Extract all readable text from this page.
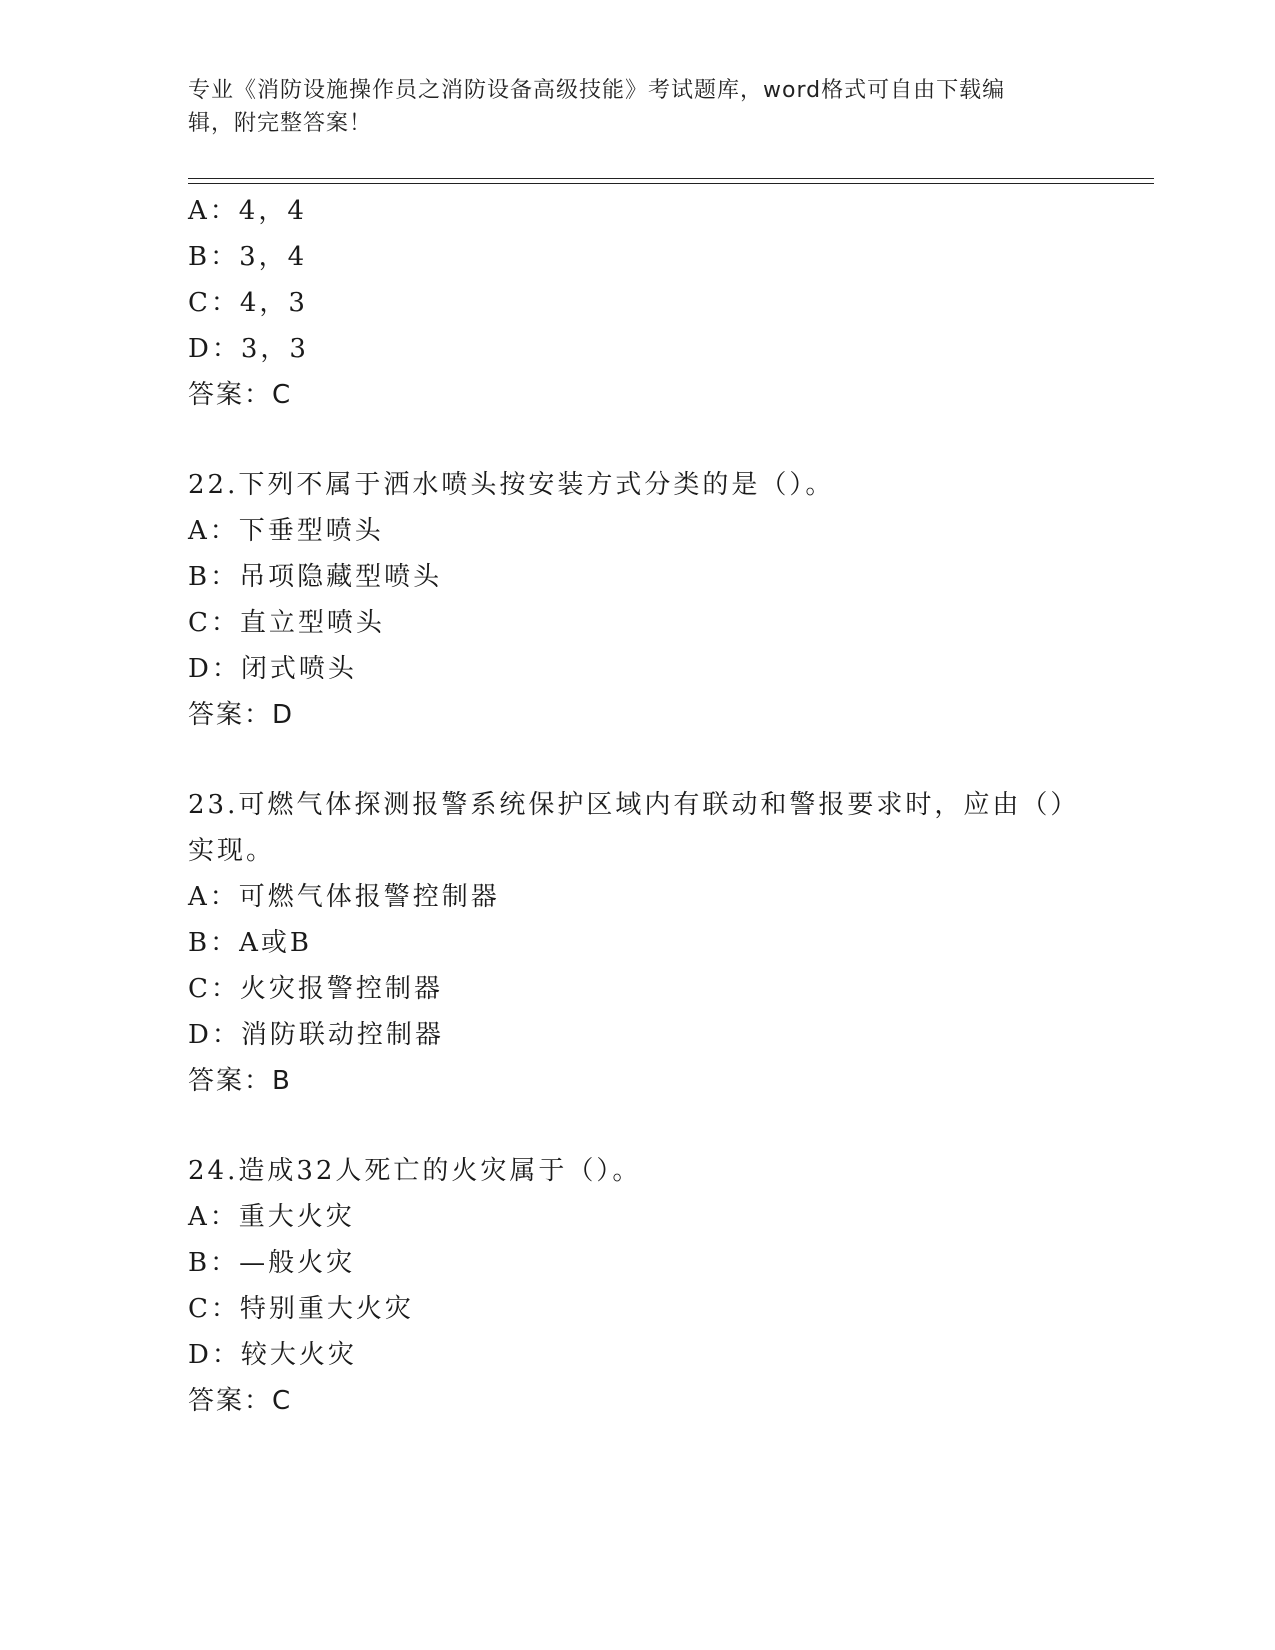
专业《消防设施操作员之消防设备高级技能》考试题库，word格式可自由下载编
辑，附完整答案！
A：4，4
B：3，4
C：4，3
D：3，3
答案：C
22.下列不属于洒水喷头按安装方式分类的是（）。
A：下垂型喷头
B：吊项隐藏型喷头
C：直立型喷头
D：闭式喷头
答案：D
23.可燃气体探测报警系统保护区域内有联动和警报要求时，应由（）
实现。
A：可燃气体报警控制器
B：A或B
C：火灾报警控制器
D：消防联动控制器
答案：B
24.造成32人死亡的火灾属于（）。
A：重大火灾
B：—般火灾
C：特别重大火灾
D：较大火灾
答案：C
